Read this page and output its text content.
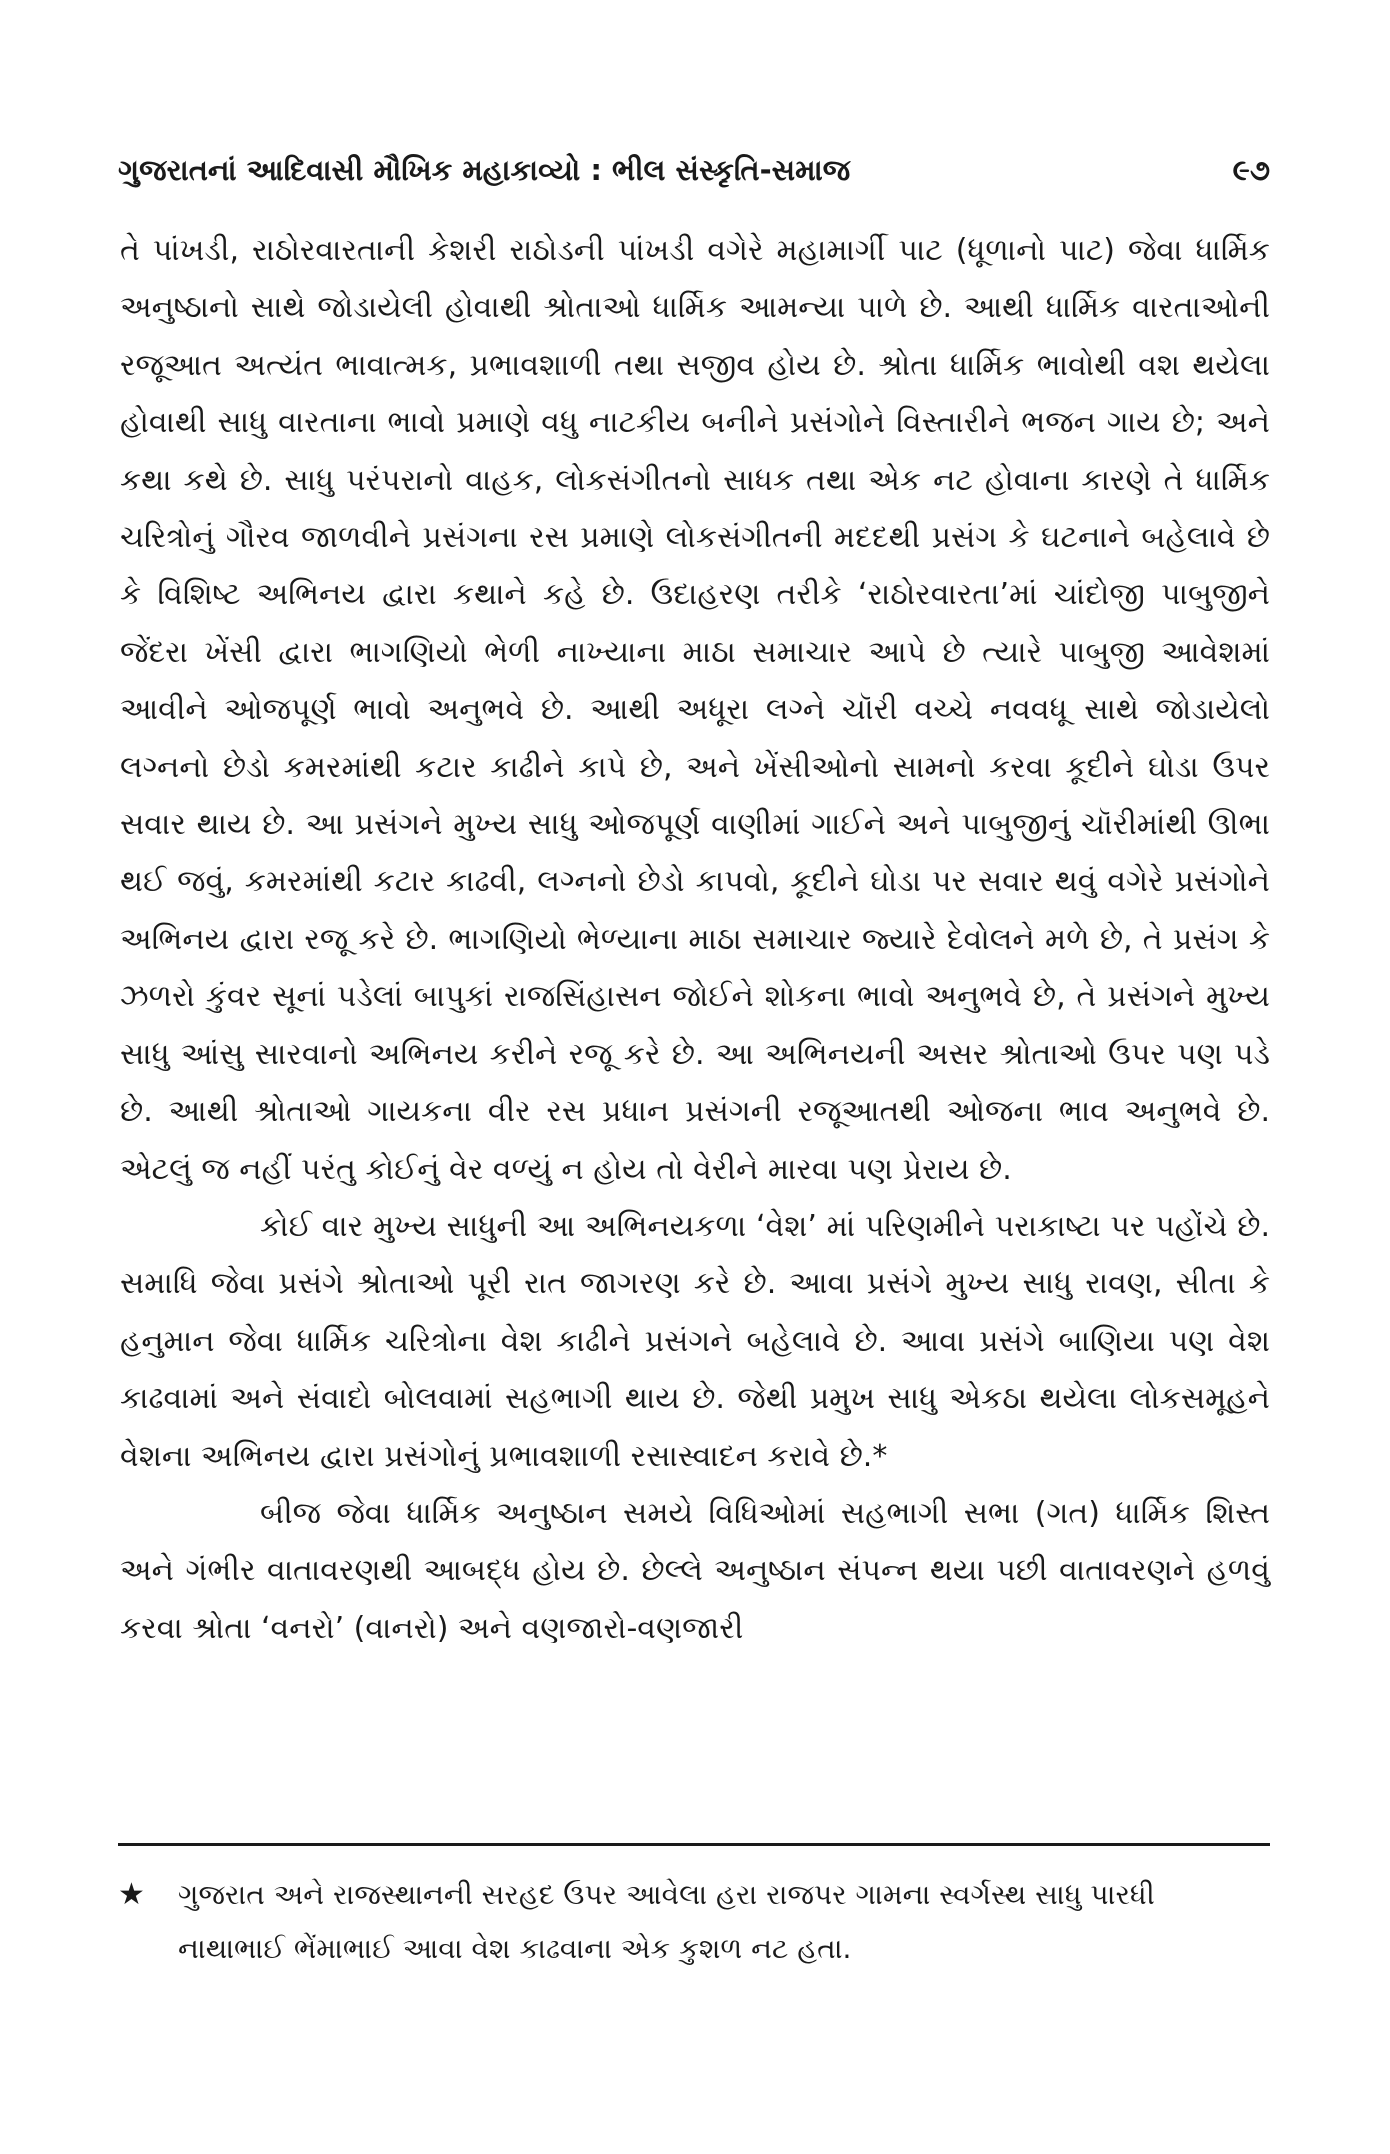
ગુજરાતનાં આદિવાસી મૌખિક મહાકાવ્યો : ભીલ સંસ્કૃતિ-સમાજ	૯૭

તે પાંખડી, રાઠોરવારતાની કેશરી રાઠોડની પાંખડી વગેરે મહામાર્ગી પાટ (ધૂળાનો પાટ) જેવા ધાર્મિક અનુષ્ઠાનો સાથે જોડાયેલી હોવાથી શ્રોતાઓ ધાર્મિક આમન્યા પાળે છે. આથી ધાર્મિક વારતાઓની રજૂઆત અત્યંત ભાવાત્મક, પ્રભાવશાળી તથા સજીવ હોય છે. શ્રોતા ધાર્મિક ભાવોથી વશ થયેલા હોવાથી સાધુ વારતાના ભાવો પ્રમાણે વધુ નાટકીય બનીને પ્રસંગોને વિસ્તારીને ભજન ગાય છે; અને કથા કથે છે. સાધુ પરંપરાનો વાહક, લોકસંગીતનો સાધક તથા એક નટ હોવાના કારણે તે ધાર્મિક ચરિત્રોનું ગૌરવ જાળવીને પ્રસંગના રસ પ્રમાણે લોકસંગીતની મદદથી પ્રસંગ કે ઘટનાને બહેલાવે છે કે વિશિષ્ટ અભિનય દ્વારા કથાને કહે છે. ઉદાહરણ તરીકે ‘રાઠોરવારતા’માં ચાંદોજી પાબુજીને જેંદરા ખેંસી દ્વારા ભાગણિયો ભેળી નાખ્યાના માઠા સમાચાર આપે છે ત્યારે પાબુજી આવેશમાં આવીને ઓજપૂર્ણ ભાવો અનુભવે છે. આથી અધૂરા લગ્ને ચૉરી વચ્ચે નવવધૂ સાથે જોડાયેલો લગ્નનો છેડો કમરમાંથી કટાર કાઢીને કાપે છે, અને ખેંસીઓનો સામનો કરવા કૂદીને ઘોડા ઉપર સવાર થાય છે. આ પ્રસંગને મુખ્ય સાધુ ઓજપૂર્ણ વાણીમાં ગાઈને અને પાબુજીનું ચૉરીમાંથી ઊભા થઈ જવું, કમરમાંથી કટાર કાઢવી, લગ્નનો છેડો કાપવો, કૂદીને ઘોડા પર સવાર થવું વગેરે પ્રસંગોને અભિનય દ્વારા રજૂ કરે છે. ભાગણિયો ભેળ્યાના માઠા સમાચાર જ્યારે દેવોલને મળે છે, તે પ્રસંગ કે ઝળરો કુંવર સૂનાં પડેલાં બાપુકાં રાજસિંહાસન જોઈને શોકના ભાવો અનુભવે છે, તે પ્રસંગને મુખ્ય સાધુ આંસુ સારવાનો અભિનય કરીને રજૂ કરે છે. આ અભિનયની અસર શ્રોતાઓ ઉપર પણ પડે છે. આથી શ્રોતાઓ ગાયકના વીર રસ પ્રધાન પ્રસંગની રજૂઆતથી ઓજના ભાવ અનુભવે છે. એટલું જ નહીં પરંતુ કોઈનું વેર વળ્યું ન હોય તો વેરીને મારવા પણ પ્રેરાય છે.

કોઈ વાર મુખ્ય સાધુની આ અભિનયકળા ‘વેશ’ માં પરિણમીને પરાકાષ્ટા પર પહોંચે છે. સમાધિ જેવા પ્રસંગે શ્રોતાઓ પૂરી રાત જાગરણ કરે છે. આવા પ્રસંગે મુખ્ય સાધુ રાવણ, સીતા કે હનુમાન જેવા ધાર્મિક ચરિત્રોના વેશ કાઢીને પ્રસંગને બહેલાવે છે. આવા પ્રસંગે બાણિયા પણ વેશ કાઢવામાં અને સંવાદો બોલવામાં સહભાગી થાય છે. જેથી પ્રમુખ સાધુ એકઠા થયેલા લોકસમૂહને વેશના અભિનય દ્વારા પ્રસંગોનું પ્રભાવશાળી રસાસ્વાદન કરાવે છે.*

બીજ જેવા ધાર્મિક અનુષ્ઠાન સમયે વિધિઓમાં સહભાગી સભા (ગત) ધાર્મિક શિસ્ત અને ગંભીર વાતાવરણથી આબદ્ધ હોય છે. છેલ્લે અનુષ્ઠાન સંપન્ન થયા પછી વાતાવરણને હળવું કરવા શ્રોતા ‘વનરો’ (વાનરો) અને વણજારો-વણજારી

★	ગુજરાત અને રાજસ્થાનની સરહદ ઉપર આવેલા હરા રાજપર ગામના સ્વર્ગસ્થ સાધુ પારધી નાથાભાઈ ભેંમાભાઈ આવા વેશ કાઢવાના એક કુશળ નટ હતા.
